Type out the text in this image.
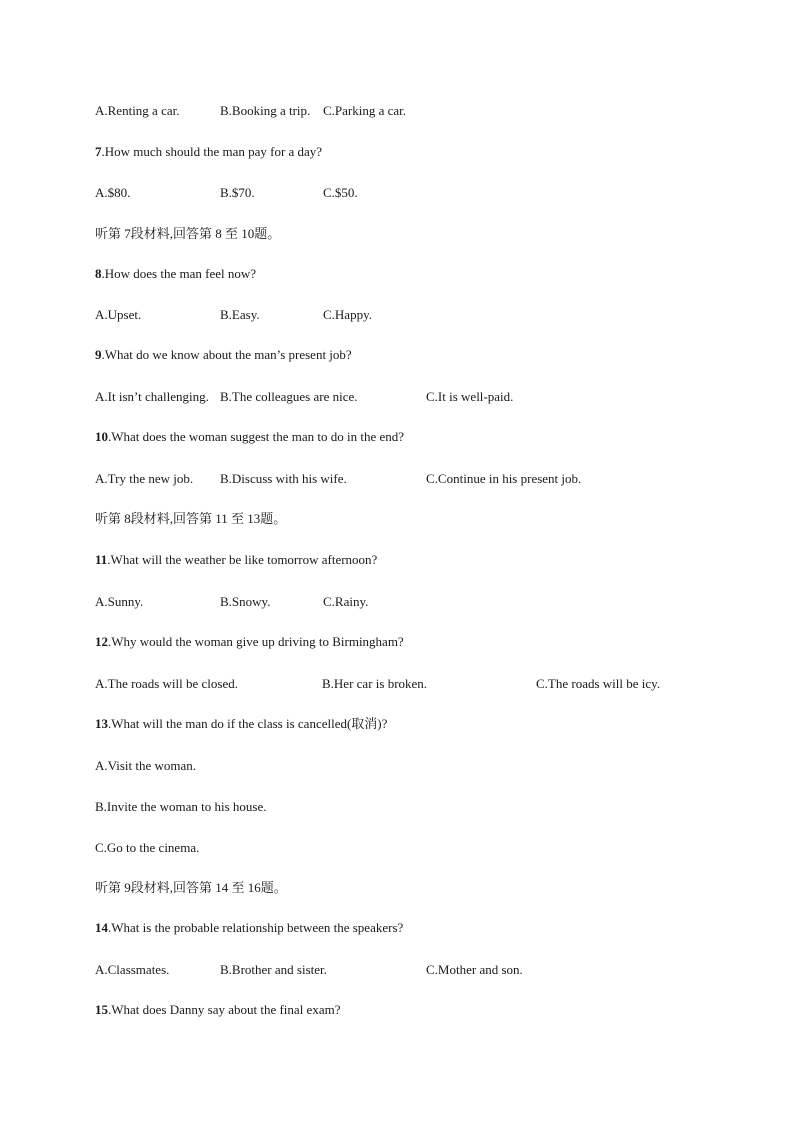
A.Renting a car.	B.Booking a trip. C.Parking a car.
7.How much should the man pay for a day?
A.$80.	B.$70.	C.$50.
听第 7段材料,回答第 8 至 10题。
8.How does the man feel now?
A.Upset.	B.Easy.	C.Happy.
9.What do we know about the man’s present job?
A.It isn’t challenging. B.The colleagues are nice.	C.It is well-paid.
10.What does the woman suggest the man to do in the end?
A.Try the new job. B.Discuss with his wife.	C.Continue in his present job.
听第 8段材料,回答第 11 至 13题。
11.What will the weather be like tomorrow afternoon?
A.Sunny.	B.Snowy.	C.Rainy.
12.Why would the woman give up driving to Birmingham?
A.The roads will be closed.	B.Her car is broken.	C.The roads will be icy.
13.What will the man do if the class is cancelled(取消)?
A.Visit the woman.
B.Invite the woman to his house.
C.Go to the cinema.
听第 9段材料,回答第 14 至 16题。
14.What is the probable relationship between the speakers?
A.Classmates.	B.Brother and sister.	C.Mother and son.
15.What does Danny say about the final exam?
